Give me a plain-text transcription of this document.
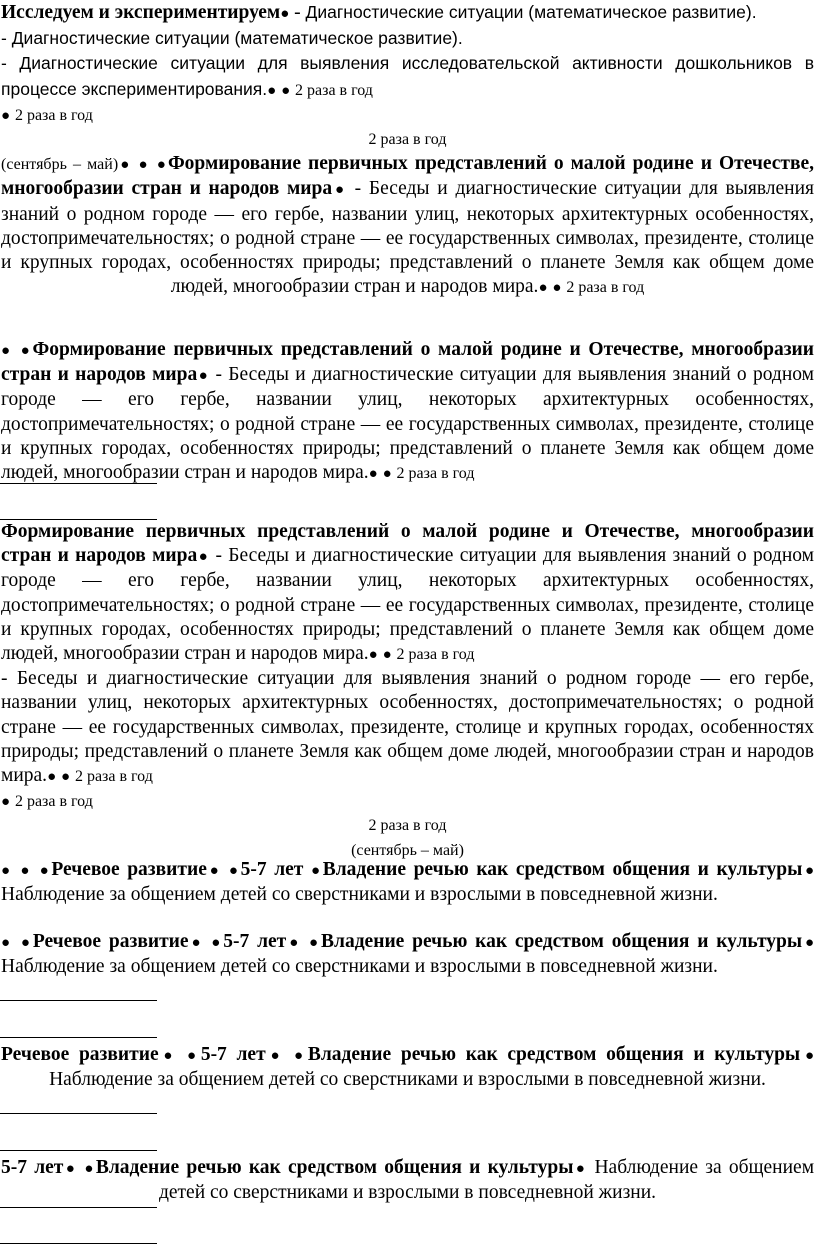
Исследуем и экспериментируем● - Диагностические ситуации (математическое развитие).

- Диагностические ситуации (математическое развитие).

- Диагностические ситуации для выявления исследовательской активности дошкольников в процессе экспериментирования.● ● 2 раза в год

● 2 раза в год

2 раза в год

(сентябрь – май)● ● ●Формирование первичных представлений о малой родине и Отечестве, многообразии стран и народов мира● - Беседы и диагностические ситуации для выявления знаний о родном городе — его гербе, названии улиц, некоторых архитектурных особенностях, достопримечательностях; о родной стране — ее государственных символах, президенте, столице и крупных городах, особенностях природы; представлений о планете Земля как общем доме людей, многообразии стран и народов мира.● ● 2 раза в год

● ●Формирование первичных представлений о малой родине и Отечестве, многообразии стран и народов мира● - Беседы и диагностические ситуации для выявления знаний о родном городе — его гербе, названии улиц, некоторых архитектурных особенностях, достопримечательностях; о родной стране — ее государственных символах, президенте, столице и крупных городах, особенностях природы; представлений о планете Земля как общем доме людей, многообразии стран и народов мира.● ● 2 раза в год

Формирование первичных представлений о малой родине и Отечестве, многообразии стран и народов мира● - Беседы и диагностические ситуации для выявления знаний о родном городе — его гербе, названии улиц, некоторых архитектурных особенностях, достопримечательностях; о родной стране — ее государственных символах, президенте, столице и крупных городах, особенностях природы; представлений о планете Земля как общем доме людей, многообразии стран и народов мира.● ● 2 раза в год

- Беседы и диагностические ситуации для выявления знаний о родном городе — его гербе, названии улиц, некоторых архитектурных особенностях, достопримечательностях; о родной стране — ее государственных символах, президенте, столице и крупных городах, особенностях природы; представлений о планете Земля как общем доме людей, многообразии стран и народов мира.● ● 2 раза в год

● 2 раза в год

2 раза в год

(сентябрь – май)

● ● ●Речевое развитие● ●5-7 лет ●Владение речью как средством общения и культуры● Наблюдение за общением детей со сверстниками и взрослыми в повседневной жизни.

● ●Речевое развитие● ●5-7 лет● ●Владение речью как средством общения и культуры● Наблюдение за общением детей со сверстниками и взрослыми в повседневной жизни.

Речевое развитие● ●5-7 лет● ●Владение речью как средством общения и культуры● Наблюдение за общением детей со сверстниками и взрослыми в повседневной жизни.

5-7 лет● ●Владение речью как средством общения и культуры● Наблюдение за общением детей со сверстниками и взрослыми в повседневной жизни.
